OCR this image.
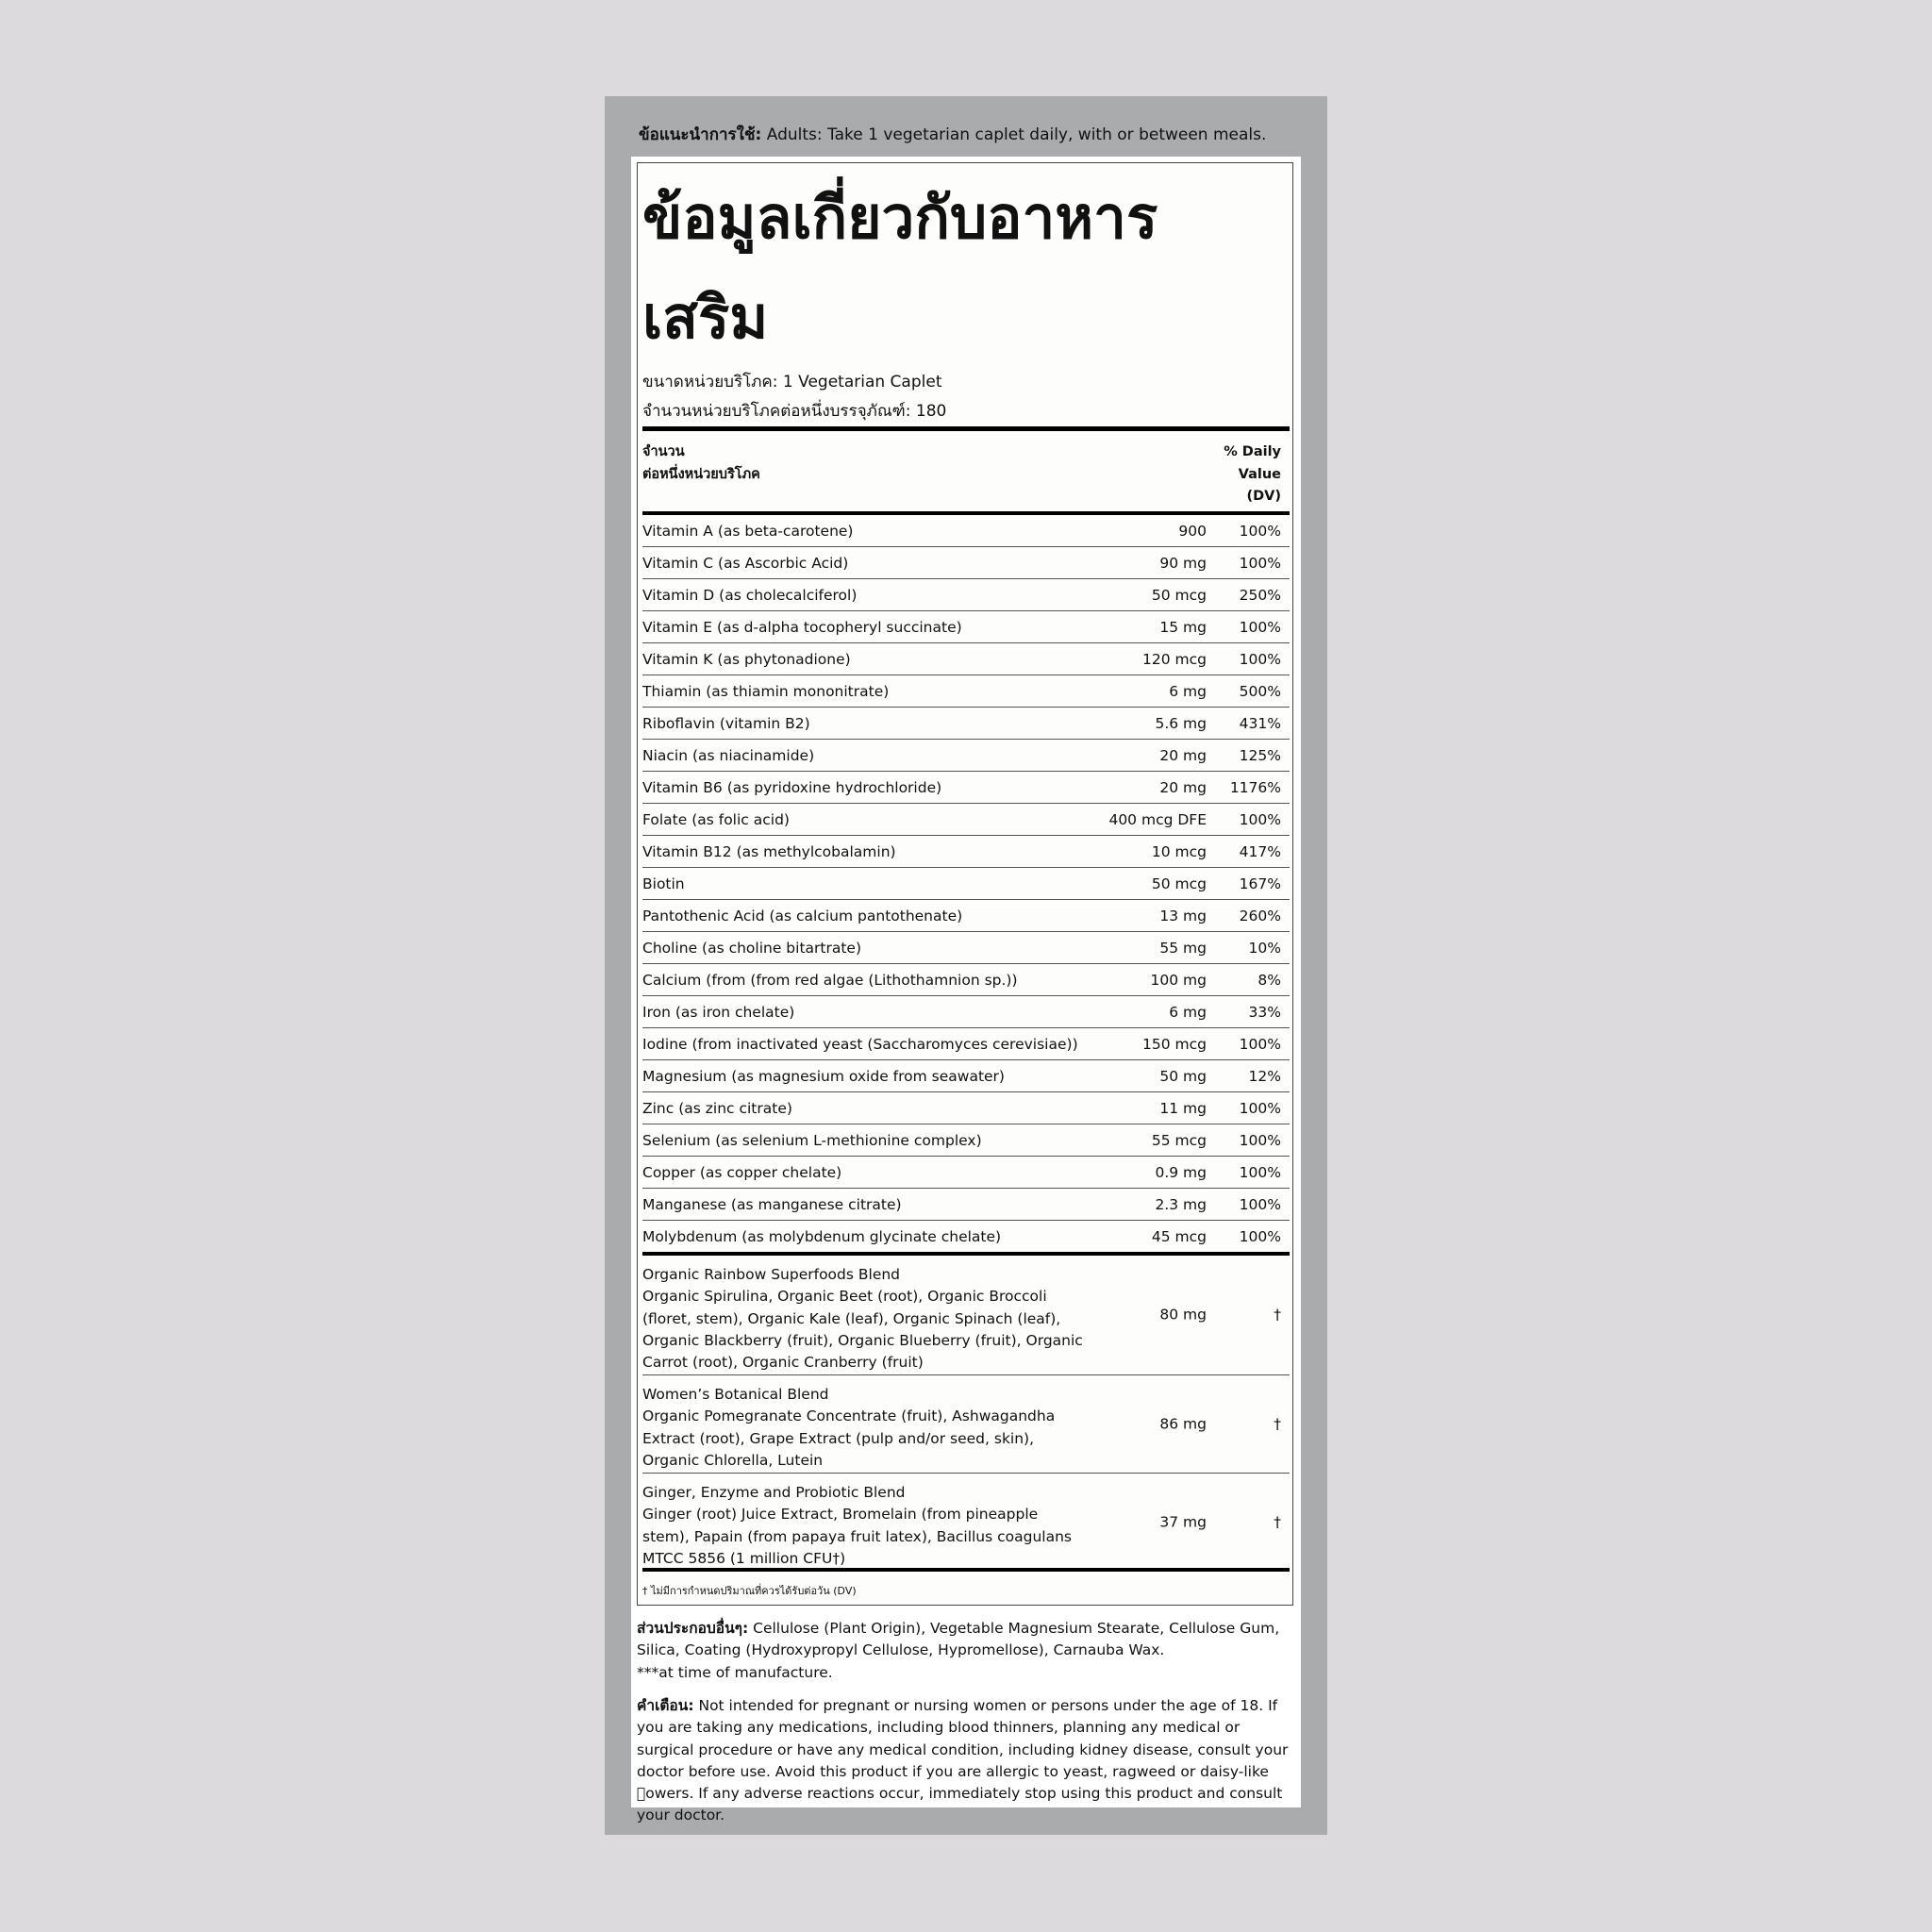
ข้อแนะนำการใช้: Adults: Take 1 vegetarian caplet daily, with or between meals.
ข้อมูลเกี่ยวกับอาหาร
เสริม
ขนาดหน่วยบริโภค: 1 Vegetarian Caplet
จำนวนหน่วยบริโภคต่อหนึ่งบรรจุภัณฑ์: 180
จำนวน
ต่อหนึ่งหน่วยบริโภค
% Daily
Value
(DV)
Vitamin A (as beta-carotene)	900 100%
Vitamin C (as Ascorbic Acid)	90 mg 100%
Vitamin D (as cholecalciferol)	50 mcg 250%
Vitamin E (as d-alpha tocopheryl succinate)	15 mg 100%
Vitamin K (as phytonadione)	120 mcg 100%
Thiamin (as thiamin mononitrate)	6 mg 500%
Riboflavin (vitamin B2)	5.6 mg 431%
Niacin (as niacinamide)	20 mg 125%
Vitamin B6 (as pyridoxine hydrochloride)	20 mg 1176%
Folate (as folic acid)	400 mcg DFE 100%
Vitamin B12 (as methylcobalamin)	10 mcg 417%
Biotin	50 mcg 167%
Pantothenic Acid (as calcium pantothenate)	13 mg 260%
Choline (as choline bitartrate)	55 mg	10%
Calcium (from (from red algae (Lithothamnion sp.))	100 mg	8%
Iron (as iron chelate)	6 mg	33%
Iodine (from inactivated yeast (Saccharomyces cerevisiae))	150 mcg 100%
Magnesium (as magnesium oxide from seawater)	50 mg	12%
Zinc (as zinc citrate)	11 mg 100%
Selenium (as selenium L-methionine complex)	55 mcg 100%
Copper (as copper chelate)	0.9 mg 100%
Manganese (as manganese citrate)	2.3 mg 100%
Molybdenum (as molybdenum glycinate chelate)	45 mcg 100%
Organic Rainbow Superfoods Blend
Organic Spirulina, Organic Beet (root), Organic Broccoli (floret, stem), Organic Kale (leaf), Organic Spinach (leaf), Organic Blackberry (fruit), Organic Blueberry (fruit), Organic Carrot (root), Organic Cranberry (fruit)
80 mg	†
Women’s Botanical Blend
Organic Pomegranate Concentrate (fruit), Ashwagandha Extract (root), Grape Extract (pulp and/or seed, skin), Organic Chlorella, Lutein
86 mg	†
Ginger, Enzyme and Probiotic Blend
Ginger (root) Juice Extract, Bromelain (from pineapple stem), Papain (from papaya fruit latex), Bacillus coagulans MTCC 5856 (1 million CFU†)
37 mg	†
† ไม่มีการกำหนดปริมาณที่ควรได้รับต่อวัน (DV)
ส่วนประกอบอื่นๆ: Cellulose (Plant Origin), Vegetable Magnesium Stearate, Cellulose Gum, Silica, Coating (Hydroxypropyl Cellulose, Hypromellose), Carnauba Wax.
***at time of manufacture.
คำเตือน: Not intended for pregnant or nursing women or persons under the age of 18. If you are taking any medications, including blood thinners, planning any medical or surgical procedure or have any medical condition, including kidney disease, consult your
doctor before use. Avoid this product if you are allergic to yeast, ragweed or daisy-like  owers. If any adverse reactions occur, immediately stop using this product and consult your doctor.
